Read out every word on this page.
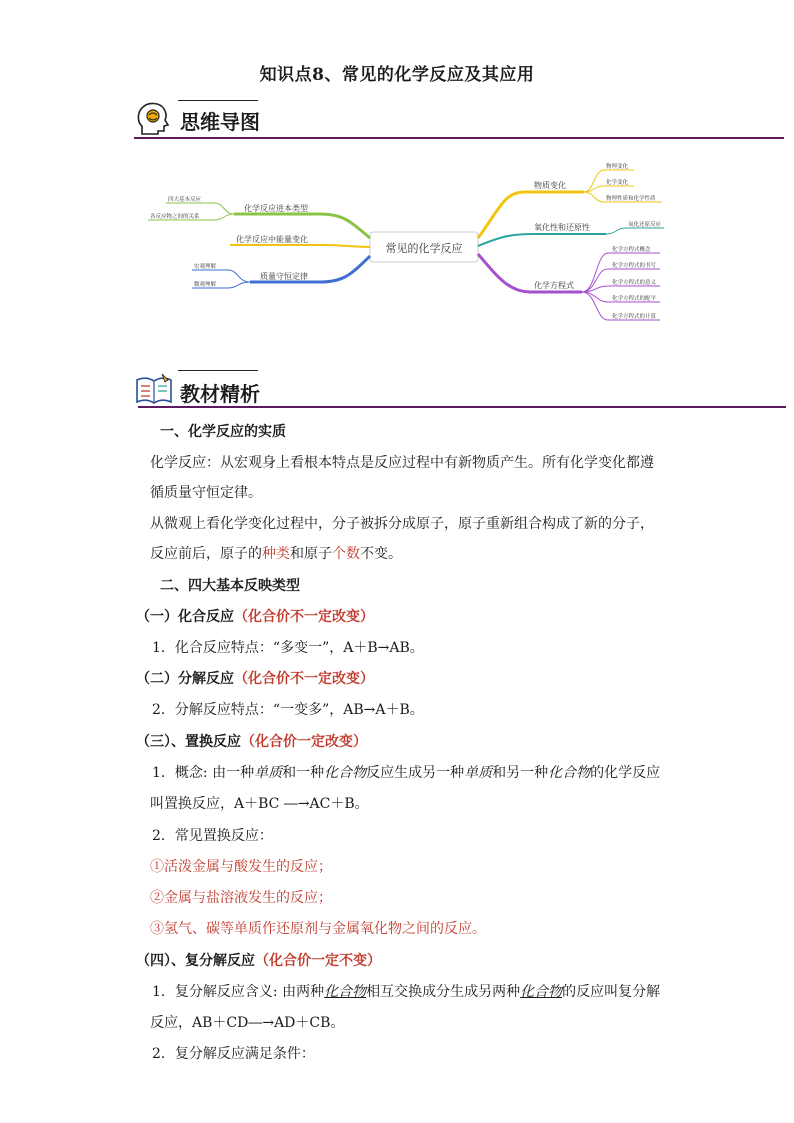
知识点8、常见的化学反应及其应用
思维导图
常见的化学反应
物质变化
氧化性和还原性
化学方程式
物理变化
化学变化
物理性质和化学性质
氧化还原反应
化学方程式概念
化学方程式的书写
化学方程式的意义
化学方程式的配平
化学方程式的计算
化学反应进本类型
化学反应中能量变化
质量守恒定律
四大基本反应
各反应物之间的关系
宏观理解
微观理解
教材精析
一、化学反应的实质
化学反应：从宏观身上看根本特点是反应过程中有新物质产生。所有化学变化都遵
循质量守恒定律。
从微观上看化学变化过程中，分子被拆分成原子，原子重新组合构成了新的分子，
反应前后，原子的种类和原子个数不变。
二、四大基本反映类型
（一）化合反应（化合价不一定改变）
1．化合反应特点：“多变一”，A＋B→AB。
（二）分解反应（化合价不一定改变）
2．分解反应特点：“一变多”，AB→A＋B。
（三）、置换反应（化合价一定改变）
1．概念: 由一种单质和一种化合物反应生成另一种单质和另一种化合物的化学反应
叫置换反应，A＋BC ―→AC＋B。
2．常见置换反应：
①活泼金属与酸发生的反应；
②金属与盐溶液发生的反应；
③氢气、碳等单质作还原剂与金属氧化物之间的反应。
（四）、复分解反应（化合价一定不变）
1．复分解反应含义: 由两种化合物相互交换成分生成另两种化合物的反应叫复分解
反应，AB＋CD―→AD＋CB。
2．复分解反应满足条件：
